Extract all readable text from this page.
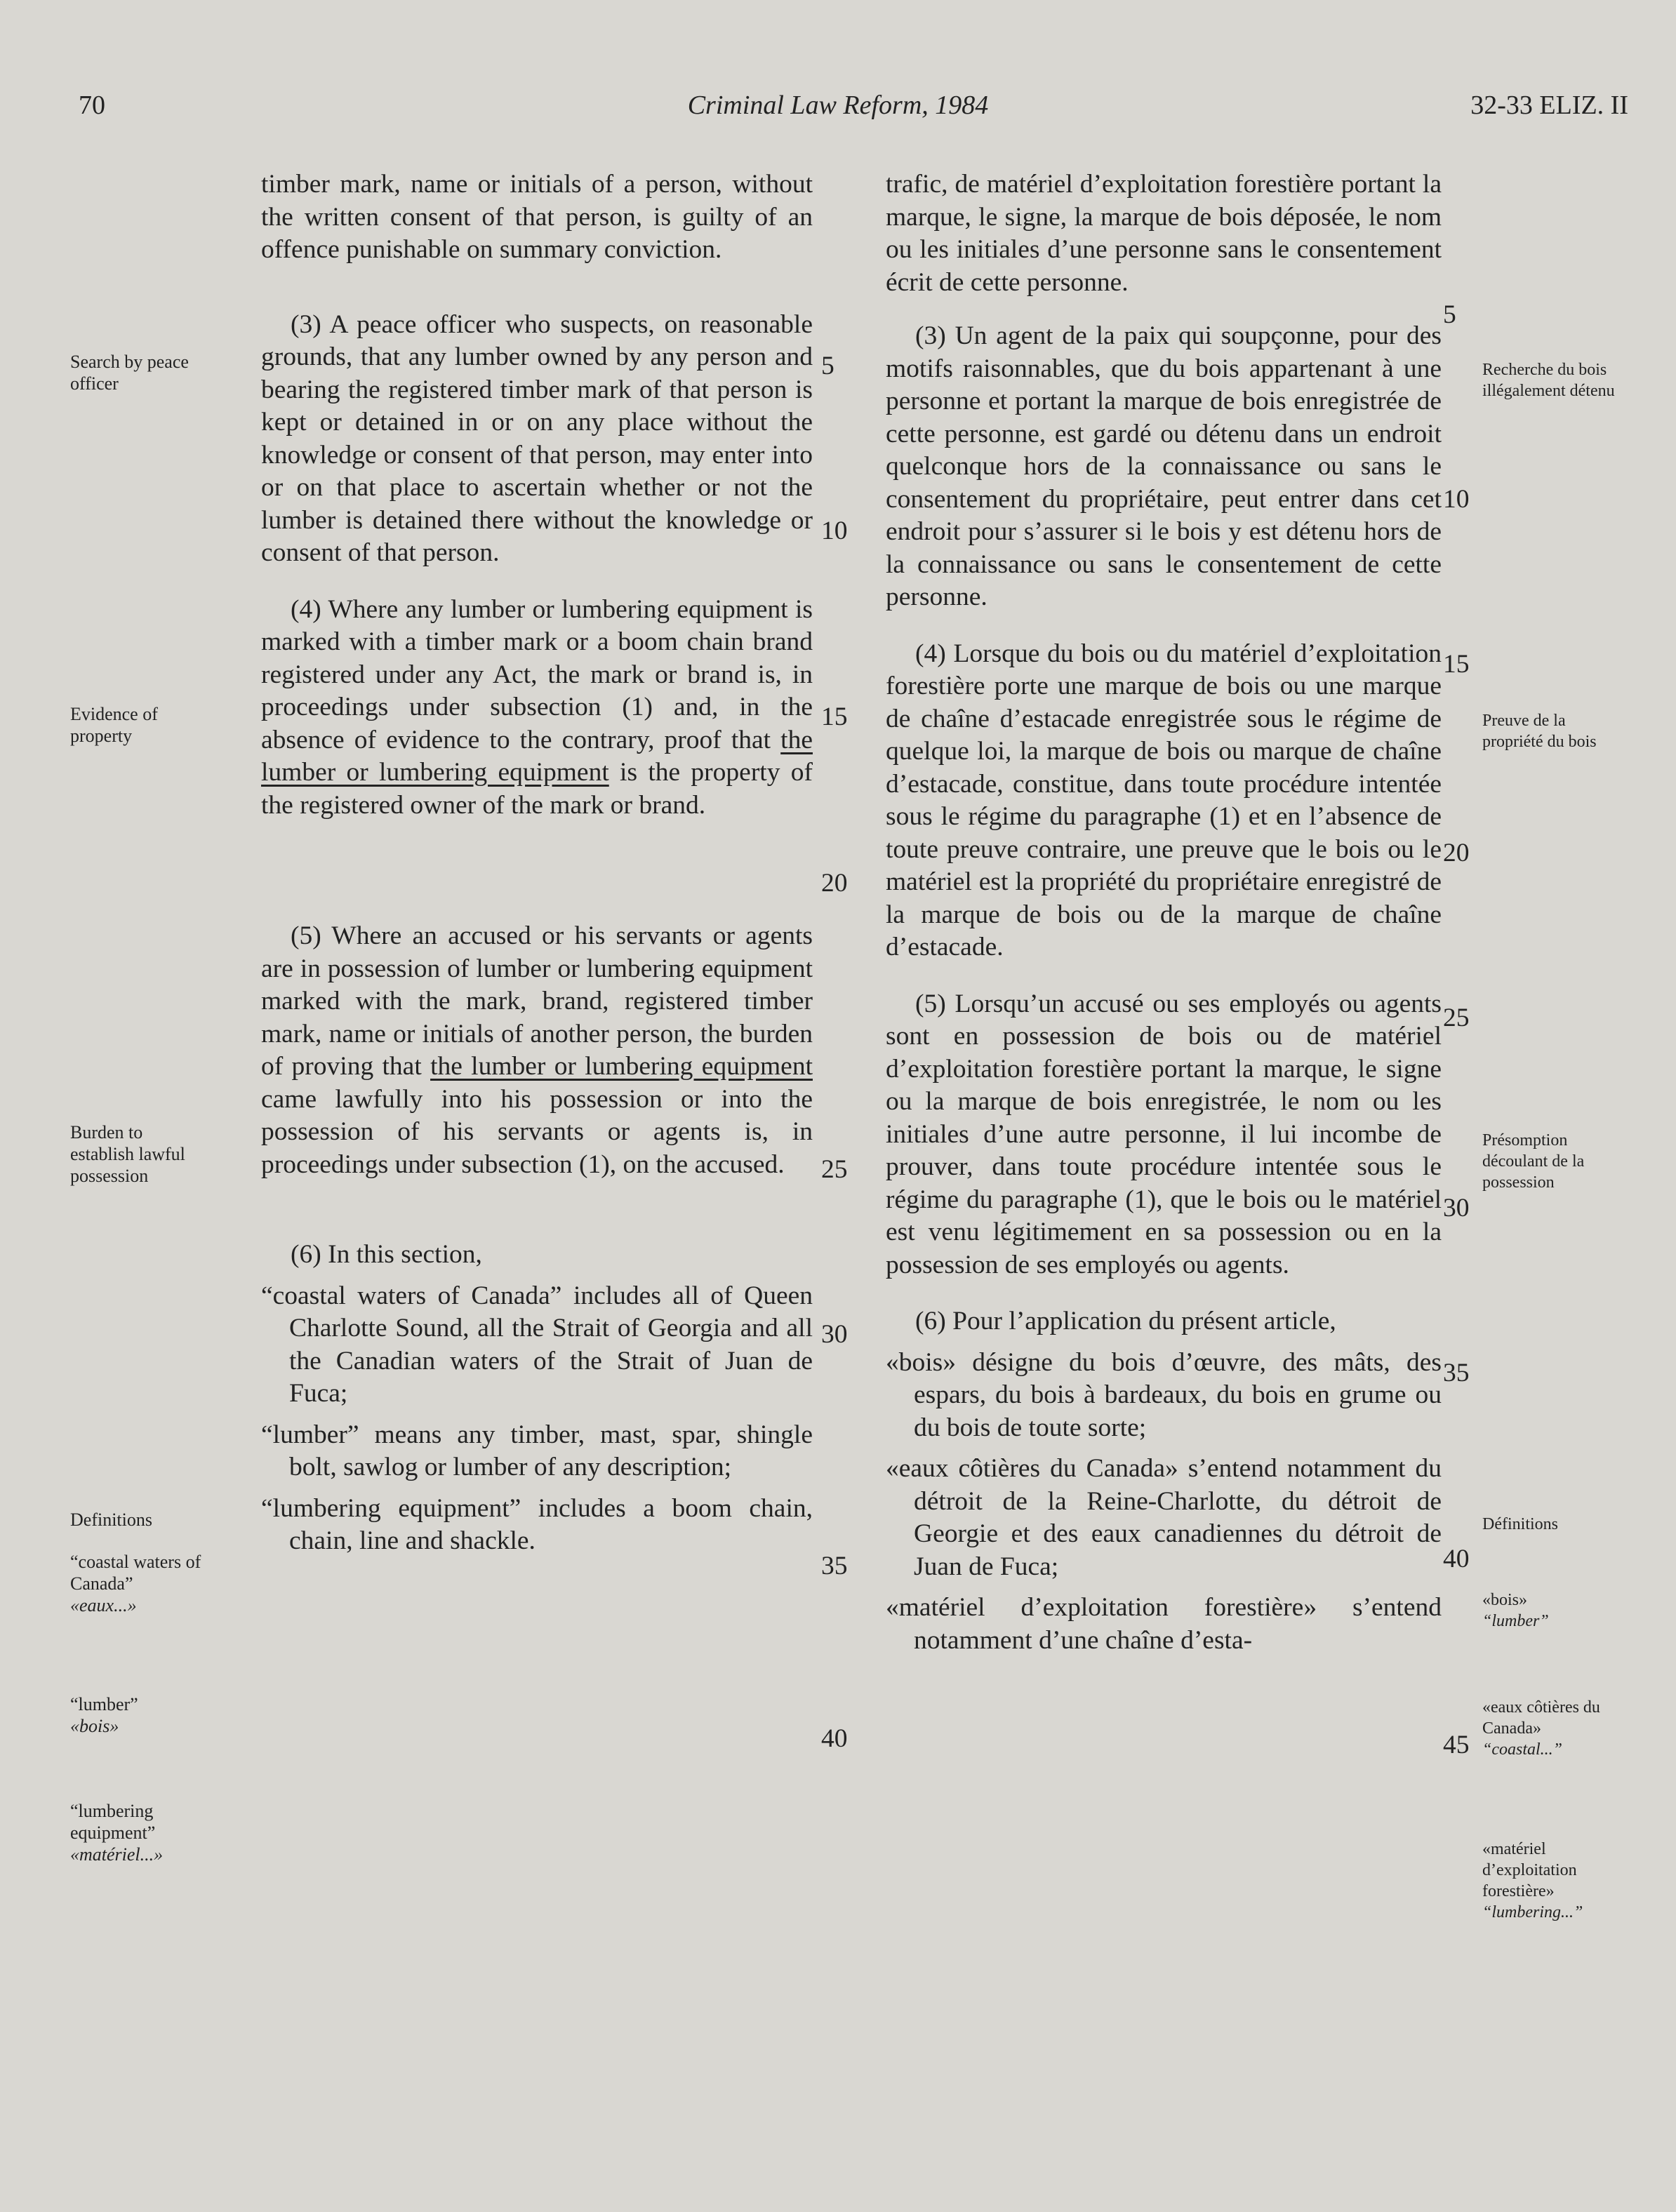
70	Criminal Law Reform, 1984	32-33 ELIZ. II

timber mark, name or initials of a person, without the written consent of that person, is guilty of an offence punishable on summary conviction.

(3) A peace officer who suspects, on reasonable grounds, that any lumber owned by any person and bearing the registered timber mark of that person is kept or detained in or on any place without the knowledge or consent of that person, may enter into or on that place to ascertain whether or not the lumber is detained there without the knowledge or consent of that person.

(4) Where any lumber or lumbering equipment is marked with a timber mark or a boom chain brand registered under any Act, the mark or brand is, in proceedings under subsection (1) and, in the absence of evidence to the contrary, proof that the lumber or lumbering equipment is the property of the registered owner of the mark or brand.

(5) Where an accused or his servants or agents are in possession of lumber or lumbering equipment marked with the mark, brand, registered timber mark, name or initials of another person, the burden of proving that the lumber or lumbering equipment came lawfully into his possession or into the possession of his servants or agents is, in proceedings under subsection (1), on the accused.

(6) In this section,

“coastal waters of Canada” includes all of Queen Charlotte Sound, all the Strait of Georgia and all the Canadian waters of the Strait of Juan de Fuca;

“lumber” means any timber, mast, spar, shingle bolt, sawlog or lumber of any description;

“lumbering equipment” includes a boom chain, chain, line and shackle.

trafic, de matériel d’exploitation forestière portant la marque, le signe, la marque de bois déposée, le nom ou les initiales d’une personne sans le consentement écrit de cette personne.

(3) Un agent de la paix qui soupçonne, pour des motifs raisonnables, que du bois appartenant à une personne et portant la marque de bois enregistrée de cette personne, est gardé ou détenu dans un endroit quelconque hors de la connaissance ou sans le consentement du propriétaire, peut entrer dans cet endroit pour s’assurer si le bois y est détenu hors de la connaissance ou sans le consentement de cette personne.

(4) Lorsque du bois ou du matériel d’exploitation forestière porte une marque de bois ou une marque de chaîne d’estacade enregistrée sous le régime de quelque loi, la marque de bois ou marque de chaîne d’estacade, constitue, dans toute procédure intentée sous le régime du paragraphe (1) et en l’absence de toute preuve contraire, une preuve que le bois ou le matériel est la propriété du propriétaire enregistré de la marque de bois ou de la marque de chaîne d’estacade.

(5) Lorsqu’un accusé ou ses employés ou agents sont en possession de bois ou de matériel d’exploitation forestière portant la marque, le signe ou la marque de bois enregistrée, le nom ou les initiales d’une autre personne, il lui incombe de prouver, dans toute procédure intentée sous le régime du paragraphe (1), que le bois ou le matériel est venu légitimement en sa possession ou en la possession de ses employés ou agents.

(6) Pour l’application du présent article,

«bois» désigne du bois d’œuvre, des mâts, des espars, du bois à bardeaux, du bois en grume ou du bois de toute sorte;

«eaux côtières du Canada» s’entend notamment du détroit de la Reine-Charlotte, du détroit de Georgie et des eaux canadiennes du détroit de Juan de Fuca;

«matériel d’exploitation forestière» s’entend notamment d’une chaîne d’esta-

Search by peace officer
Evidence of property
Burden to establish lawful possession
Definitions
“coastal waters of Canada”
«eaux...»
“lumber”
«bois»
“lumbering equipment”
«matériel...»
Recherche du bois illégalement détenu
Preuve de la propriété du bois
Présomption découlant de la possession
Définitions
«bois»
“lumber”
«eaux côtières du Canada»
“coastal...”
«matériel d’exploitation forestière»
“lumbering...”
5
10
15
20
25
30
35
40
5
10
15
20
25
30
35
40
45
